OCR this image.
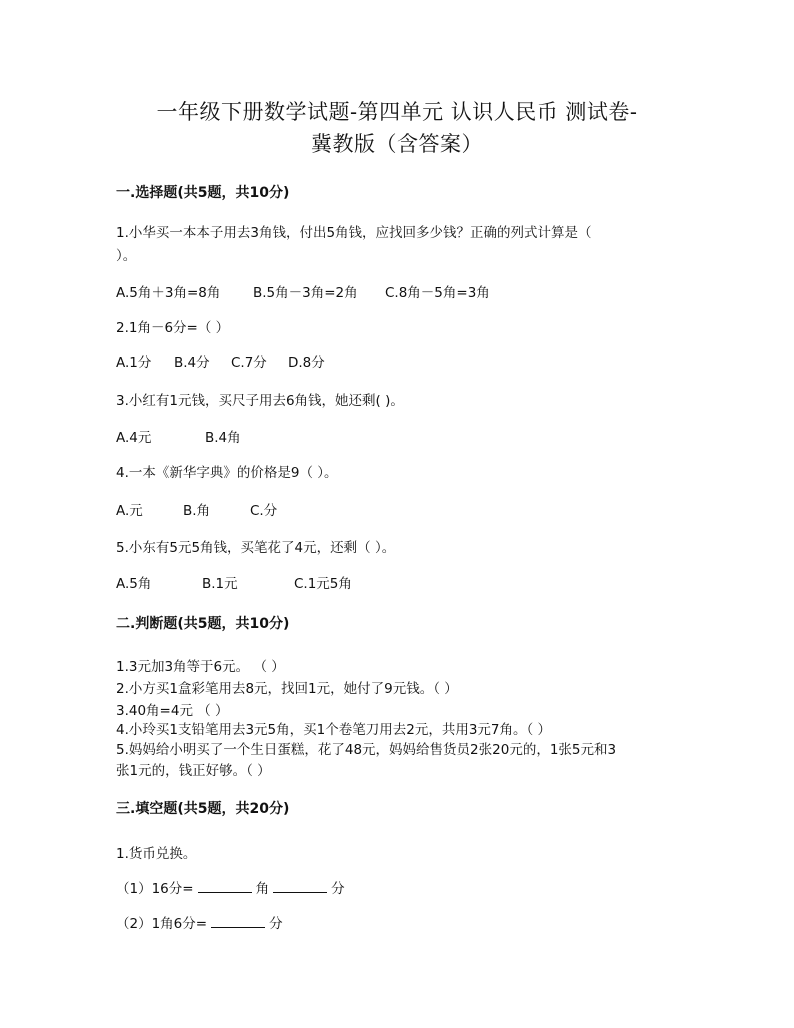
一年级下册数学试题-第四单元 认识人民币 测试卷-
冀教版（含答案）
一.选择题(共5题，共10分)
1.小华买一本本子用去3角钱，付出5角钱，应找回多少钱？正确的列式计算是（
）。
A.5角＋3角=8角 B.5角－3角=2角 C.8角－5角=3角
2.1角－6分=（ ）
A.1分 B.4分 C.7分 D.8分
3.小红有1元钱，买尺子用去6角钱，她还剩( )。
A.4元	B.4角
4.一本《新华字典》的价格是9（ ）。
A.元	B.角	C.分
5.小东有5元5角钱，买笔花了4元，还剩（ ）。
A.5角	B.1元	C.1元5角
二.判断题(共5题，共10分)
1.3元加3角等于6元。 （ ）
2.小方买1盒彩笔用去8元，找回1元，她付了9元钱。（ ）
3.40角=4元 （ ）
4.小玲买1支铅笔用去3元5角，买1个卷笔刀用去2元，共用3元7角。（ ）
5.妈妈给小明买了一个生日蛋糕，花了48元，妈妈给售货员2张20元的，1张5元和3
张1元的，钱正好够。（ ）
三.填空题(共5题，共20分)
1.货币兑换。
（1）16分=	角	分
（2）1角6分=	分
